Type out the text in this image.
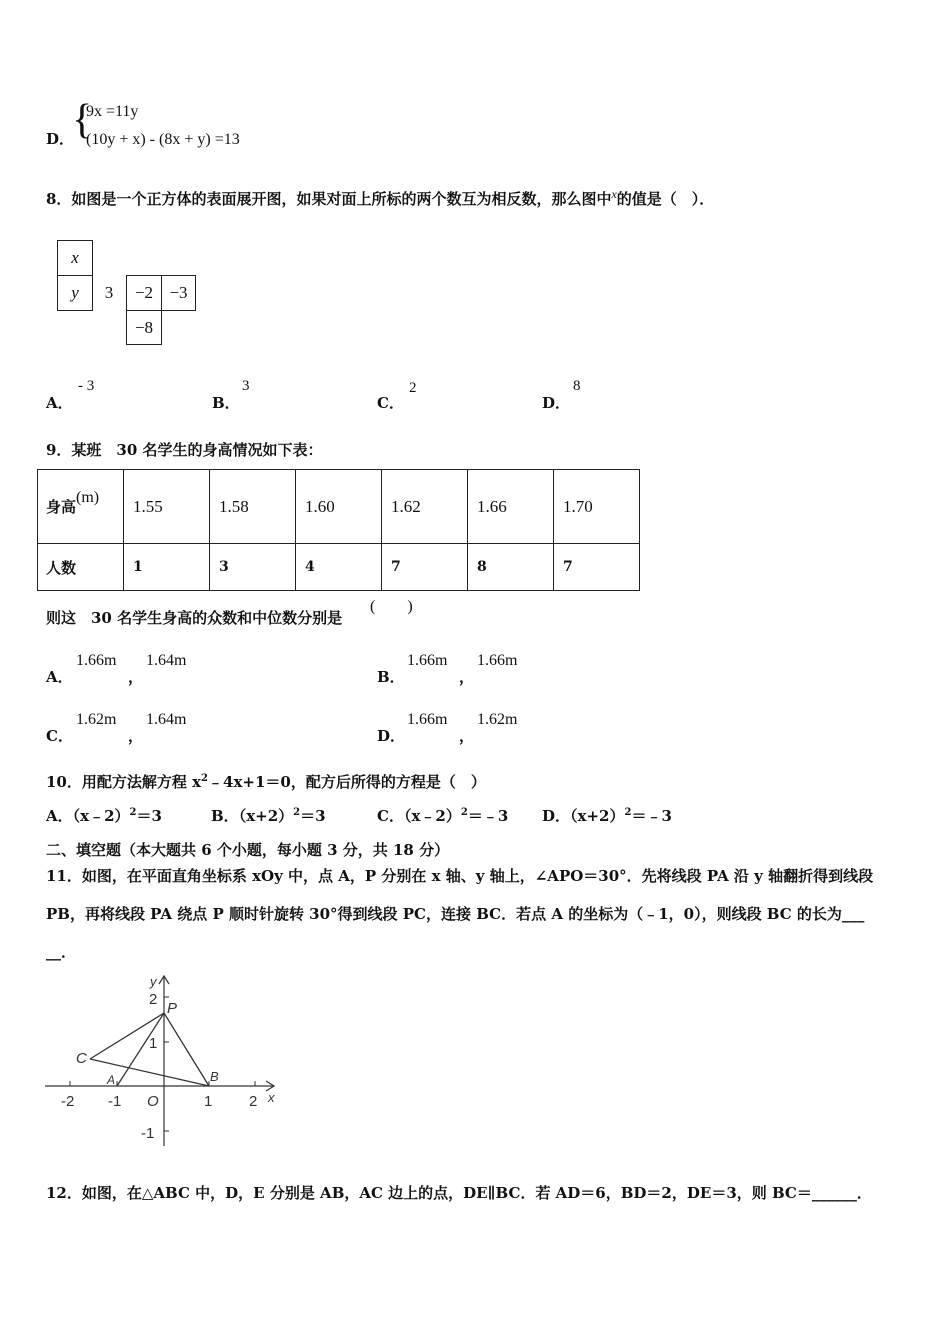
D．
{
9x =11y
(10y + x) - (8x + y) =13
8．如图是一个正方体的表面展开图，如果对面上所标的两个数互为相反数，那么图中$^x$的值是（　）．
x
y	3	−2 −3
−8
A．
- 3
B．
3
C．
2
D．
8
9．某班　30 名学生的身高情况如下表：
身高(m)	1.55	1.58	1.60	1.62	1.66	1.70
人数	1	3	4	7	8	7
则这　30 名学生身高的众数和中位数分别是
(　　)
A．
1.66m
，
1.64m
B．
1.66m
，
1.66m
C．
1.62m
，
1.64m
D．
1.66m
，
1.62m
10．用配方法解方程 $x^2﹣4x+1=0$，配方后所得的方程是（　）
A．（x﹣2）$^2$＝3	B．$(x+2)^2=3$	C．（x﹣2）$^2$＝﹣3 D．$(x+2)^2=﹣3$
二、填空题（本大题共 6 个小题，每小题 3 分，共 18 分）
11．如图，在平面直角坐标系 xOy 中，点 A，P 分别在 x 轴、y 轴上，∠APO＝30°．先将线段 PA 沿 y 轴翻折得到线段
PB，再将线段 PA 绕点 P 顺时针旋转 30°得到线段 PC，连接 BC．若点 A 的坐标为（﹣1，0），则线段 BC 的长为___
__．
-2 -1 O	1 2
2
1
-1
x
y
P
C
A	B
12．如图，在△ABC 中，D，E 分别是 AB，AC 边上的点，DE∥BC．若 AD＝6，BD＝2，DE＝3，则 BC＝______．
